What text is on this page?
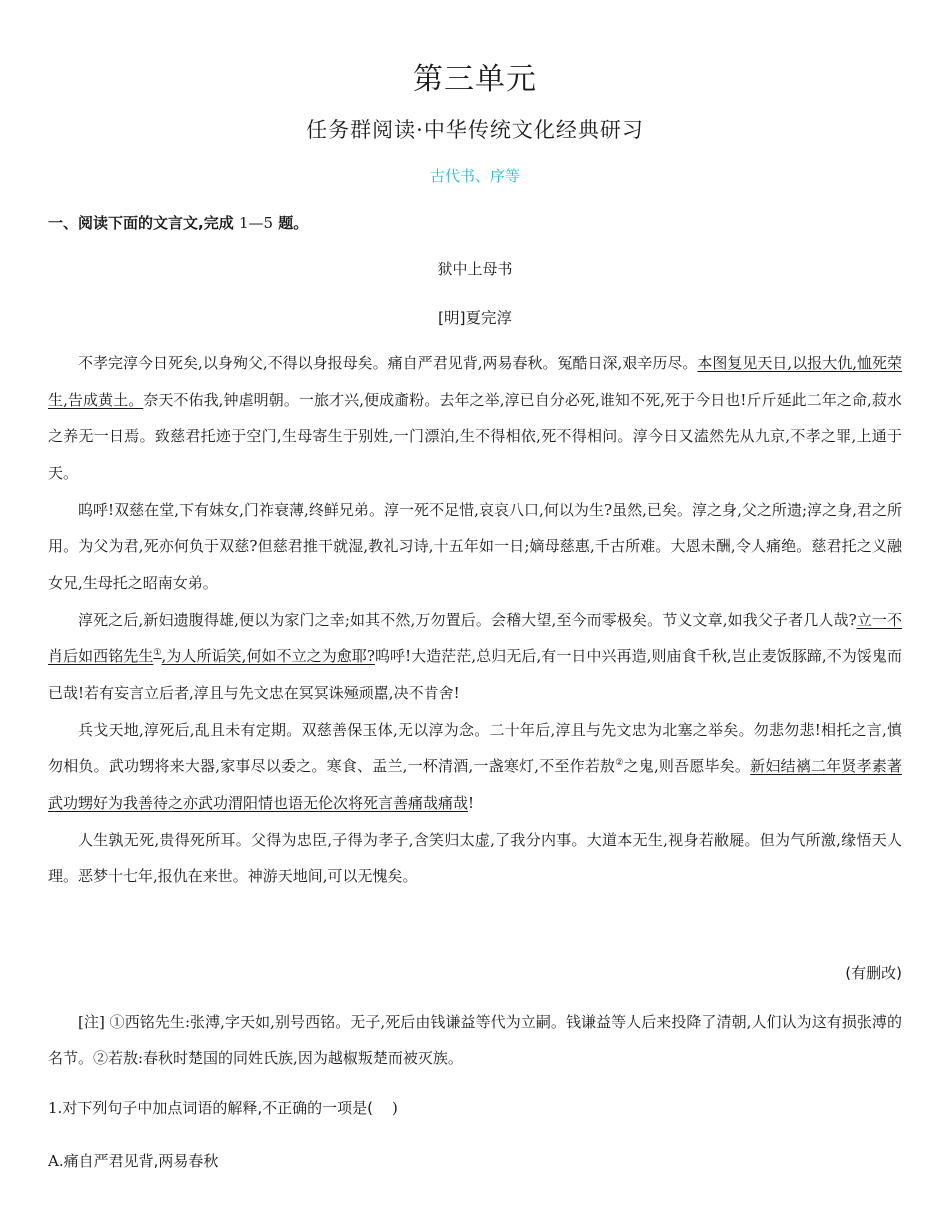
第三单元
任务群阅读·中华传统文化经典研习
古代书、序等
一、阅读下面的文言文,完成 1—5 题。
狱中上母书
[明]夏完淳

不孝完淳今日死矣,以身殉父,不得以身报母矣。痛自严君见背,两易春秋。冤酷日深,艰辛历尽。本图复见天日,以报大仇,恤死荣生,告成黄土。奈天不佑我,钟虐明朝。一旅才兴,便成齑粉。去年之举,淳已自分必死,谁知不死,死于今日也!斤斤延此二年之命,菽水之养无一日焉。致慈君托迹于空门,生母寄生于别姓,一门漂泊,生不得相依,死不得相问。淳今日又溘然先从九京,不孝之罪,上通于天。

呜呼!双慈在堂,下有妹女,门祚衰薄,终鲜兄弟。淳一死不足惜,哀哀八口,何以为生?虽然,已矣。淳之身,父之所遗;淳之身,君之所用。为父为君,死亦何负于双慈?但慈君推干就湿,教礼习诗,十五年如一日;嫡母慈惠,千古所难。大恩未酬,令人痛绝。慈君托之义融女兄,生母托之昭南女弟。

淳死之后,新妇遗腹得雄,便以为家门之幸;如其不然,万勿置后。会稽大望,至今而零极矣。节义文章,如我父子者几人哉?立一不肖后如西铭先生①,为人所诟笑,何如不立之为愈耶?呜呼!大造茫茫,总归无后,有一日中兴再造,则庙食千秋,岂止麦饭豚蹄,不为馁鬼而已哉!若有妄言立后者,淳且与先文忠在冥冥诛殛顽嚚,决不肯舍!

兵戈天地,淳死后,乱且未有定期。双慈善保玉体,无以淳为念。二十年后,淳且与先文忠为北塞之举矣。勿悲勿悲!相托之言,慎勿相负。武功甥将来大器,家事尽以委之。寒食、盂兰,一杯清酒,一盏寒灯,不至作若敖②之鬼,则吾愿毕矣。新妇结褵二年贤孝素著武功甥好为我善待之亦武功渭阳情也语无伦次将死言善痛哉痛哉!

人生孰无死,贵得死所耳。父得为忠臣,子得为孝子,含笑归太虚,了我分内事。大道本无生,视身若敝屣。但为气所激,缘悟天人理。恶梦十七年,报仇在来世。神游天地间,可以无愧矣。

(有删改)

[注] ①西铭先生:张溥,字天如,别号西铭。无子,死后由钱谦益等代为立嗣。钱谦益等人后来投降了清朝,人们认为这有损张溥的名节。②若敖:春秋时楚国的同姓氏族,因为越椒叛楚而被灭族。

1.对下列句子中加点词语的解释,不正确的一项是(    )
A.痛自严君见背,两易春秋
